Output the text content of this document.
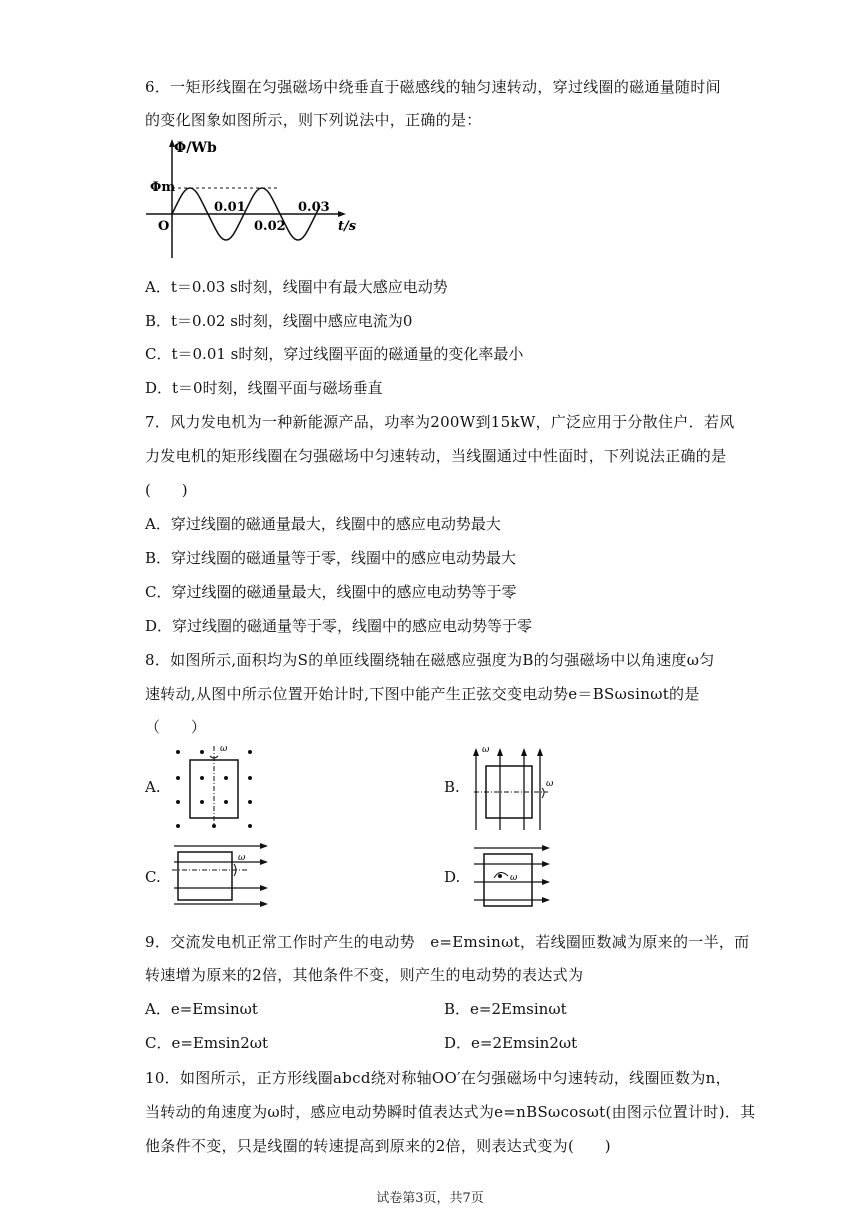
6．一矩形线圈在匀强磁场中绕垂直于磁感线的轴匀速转动，穿过线圈的磁通量随时间
的变化图象如图所示，则下列说法中，正确的是：
Φ/Wb
Φm
O
0.01
0.02
0.03
t/s
A．t＝0.03 s时刻，线圈中有最大感应电动势
B．t＝0.02 s时刻，线圈中感应电流为0
C．t＝0.01 s时刻，穿过线圈平面的磁通量的变化率最小
D．t＝0时刻，线圈平面与磁场垂直
7．风力发电机为一种新能源产品，功率为200W到15kW，广泛应用于分散住户．若风
力发电机的矩形线圈在匀强磁场中匀速转动，当线圈通过中性面时，下列说法正确的是
(　　)
A．穿过线圈的磁通量最大，线圈中的感应电动势最大
B．穿过线圈的磁通量等于零，线圈中的感应电动势最大
C．穿过线圈的磁通量最大，线圈中的感应电动势等于零
D．穿过线圈的磁通量等于零，线圈中的感应电动势等于零
8．如图所示,面积均为S的单匝线圈绕轴在磁感应强度为B的匀强磁场中以角速度ω匀
速转动,从图中所示位置开始计时,下图中能产生正弦交变电动势e＝BSωsinωt的是
（　　）
A.
ω
B.
ω
ω
C.
ω
D.	ω
9．交流发电机正常工作时产生的电动势　e=Emsinωt，若线圈匝数减为原来的一半，而
转速增为原来的2倍，其他条件不变，则产生的电动势的表达式为
A．e=Emsinωt	B．e=2Emsinωt
C．e=Emsin2ωt	D．e=2Emsin2ωt
10．如图所示，正方形线圈abcd绕对称轴OO′在匀强磁场中匀速转动，线圈匝数为n，
当转动的角速度为ω时，感应电动势瞬时值表达式为e=nBSωcosωt(由图示位置计时)．其
他条件不变，只是线圈的转速提高到原来的2倍，则表达式变为(　　)
试卷第3页，共7页
